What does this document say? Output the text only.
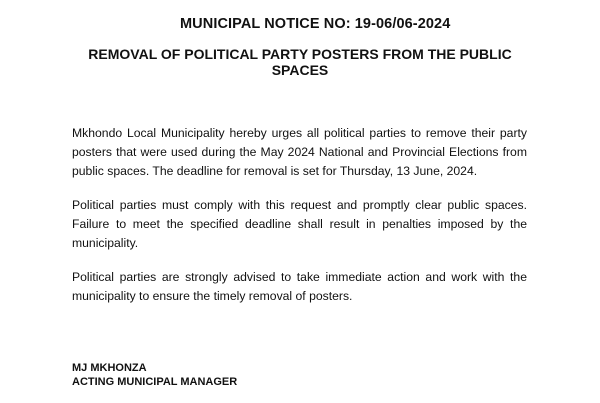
MUNICIPAL NOTICE NO: 19-06/06-2024
REMOVAL OF POLITICAL PARTY POSTERS FROM THE PUBLIC SPACES
Mkhondo Local Municipality hereby urges all political parties to remove their party posters that were used during the May 2024 National and Provincial Elections from public spaces. The deadline for removal is set for Thursday, 13 June, 2024.
Political parties must comply with this request and promptly clear public spaces. Failure to meet the specified deadline shall result in penalties imposed by the municipality.
Political parties are strongly advised to take immediate action and work with the municipality to ensure the timely removal of posters.
MJ MKHONZA
ACTING MUNICIPAL MANAGER
